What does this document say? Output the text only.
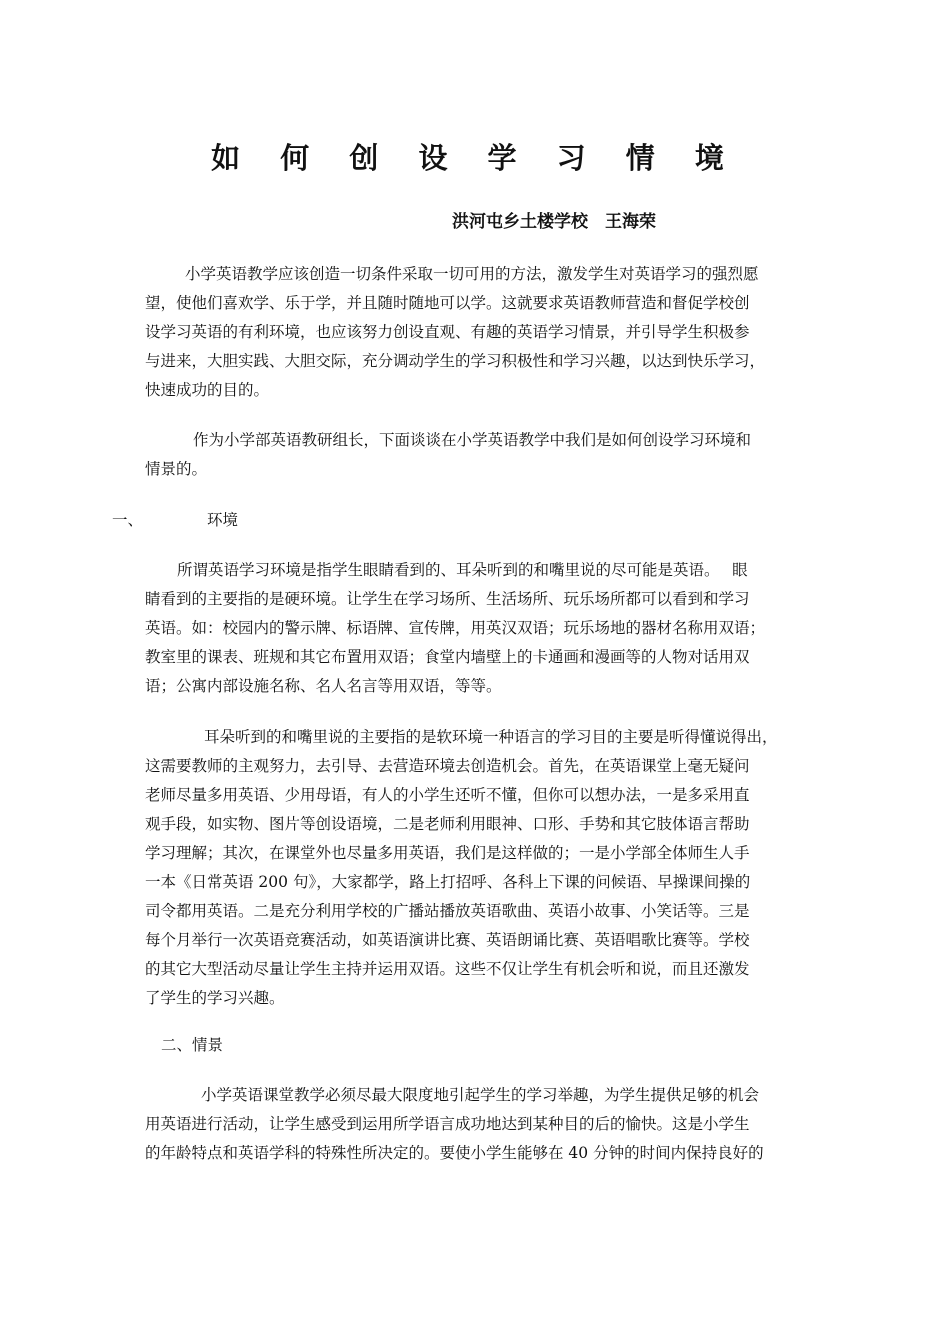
如 何 创 设 学 习 情 境

洪河屯乡土楼学校　王海荣

小学英语教学应该创造一切条件采取一切可用的方法，激发学生对英语学习的强烈愿
望，使他们喜欢学、乐于学，并且随时随地可以学。这就要求英语教师营造和督促学校创
设学习英语的有利环境，也应该努力创设直观、有趣的英语学习情景，并引导学生积极参
与进来，大胆实践、大胆交际，充分调动学生的学习积极性和学习兴趣，以达到快乐学习，
快速成功的目的。
作为小学部英语教研组长，下面谈谈在小学英语教学中我们是如何创设学习环境和
情景的。
一、	环境
所谓英语学习环境是指学生眼睛看到的、耳朵听到的和嘴里说的尽可能是英语。　 眼
睛看到的主要指的是硬环境。让学生在学习场所、生活场所、玩乐场所都可以看到和学习
英语。如：校园内的警示牌、标语牌、宣传牌，用英汉双语；玩乐场地的器材名称用双语；
教室里的课表、班规和其它布置用双语；食堂内墙壁上的卡通画和漫画等的人物对话用双
语；公寓内部设施名称、名人名言等用双语，等等。
耳朵听到的和嘴里说的主要指的是软环境一种语言的学习目的主要是听得懂说得出，
这需要教师的主观努力，去引导、去营造环境去创造机会。首先，在英语课堂上毫无疑问
老师尽量多用英语、少用母语，有人的小学生还听不懂，但你可以想办法，一是多采用直
观手段，如实物、图片等创设语境，二是老师利用眼神、口形、手势和其它肢体语言帮助
学习理解；其次，在课堂外也尽量多用英语，我们是这样做的；一是小学部全体师生人手
一本《日常英语 200 句》，大家都学，路上打招呼、各科上下课的问候语、早操课间操的
司令都用英语。二是充分利用学校的广播站播放英语歌曲、英语小故事、小笑话等。三是
每个月举行一次英语竞赛活动，如英语演讲比赛、英语朗诵比赛、英语唱歌比赛等。学校
的其它大型活动尽量让学生主持并运用双语。这些不仅让学生有机会听和说，而且还激发
了学生的学习兴趣。
二、情景
小学英语课堂教学必须尽最大限度地引起学生的学习举趣，为学生提供足够的机会
用英语进行活动，让学生感受到运用所学语言成功地达到某种目的后的愉快。这是小学生
的年龄特点和英语学科的特殊性所决定的。要使小学生能够在 40 分钟的时间内保持良好的
